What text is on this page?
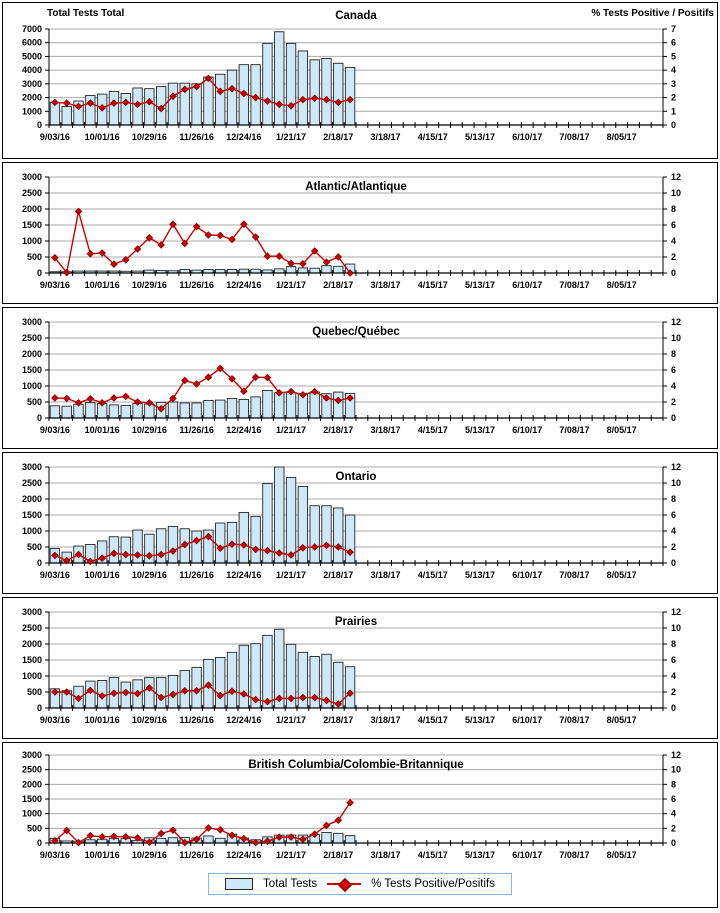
0
1000
2000
3000
4000
5000
6000
7000
0
1
2
3
4
5
6
7
9/03/16 10/01/16 10/29/16 11/26/16 12/24/16 1/21/17 2/18/17 3/18/17 4/15/17 5/13/17 6/10/17 7/08/17 8/05/17
Total Tests Total	% Tests Positive / Positifs
Canada
0
500
1000
1500
2000
2500
3000
0
2
4
6
8
10
12
9/03/16 10/01/16 10/29/16 11/26/16 12/24/16 1/21/17 2/18/17 3/18/17 4/15/17 5/13/17 6/10/17 7/08/17 8/05/17
Atlantic/Atlantique
0
500
1000
1500
2000
2500
3000
0
2
4
6
8
10
12
9/03/16 10/01/16 10/29/16 11/26/16 12/24/16 1/21/17 2/18/17 3/18/17 4/15/17 5/13/17 6/10/17 7/08/17 8/05/17
Quebec/Québec
0
500
1000
1500
2000
2500
3000
0
2
4
6
8
10
12
9/03/16 10/01/16 10/29/16 11/26/16 12/24/16 1/21/17 2/18/17 3/18/17 4/15/17 5/13/17 6/10/17 7/08/17 8/05/17
Ontario
0
500
1000
1500
2000
2500
3000
0
2
4
6
8
10
12
9/03/16 10/01/16 10/29/16 11/26/16 12/24/16 1/21/17 2/18/17 3/18/17 4/15/17 5/13/17 6/10/17 7/08/17 8/05/17
Prairies
0
500
1000
1500
2000
2500
3000
0
2
4
6
8
10
12
9/03/16 10/01/16 10/29/16 11/26/16 12/24/16 1/21/17 2/18/17 3/18/17 4/15/17 5/13/17 6/10/17 7/08/17 8/05/17
British Columbia/Colombie-Britannique
Total Tests	% Tests Positive/Positifs
